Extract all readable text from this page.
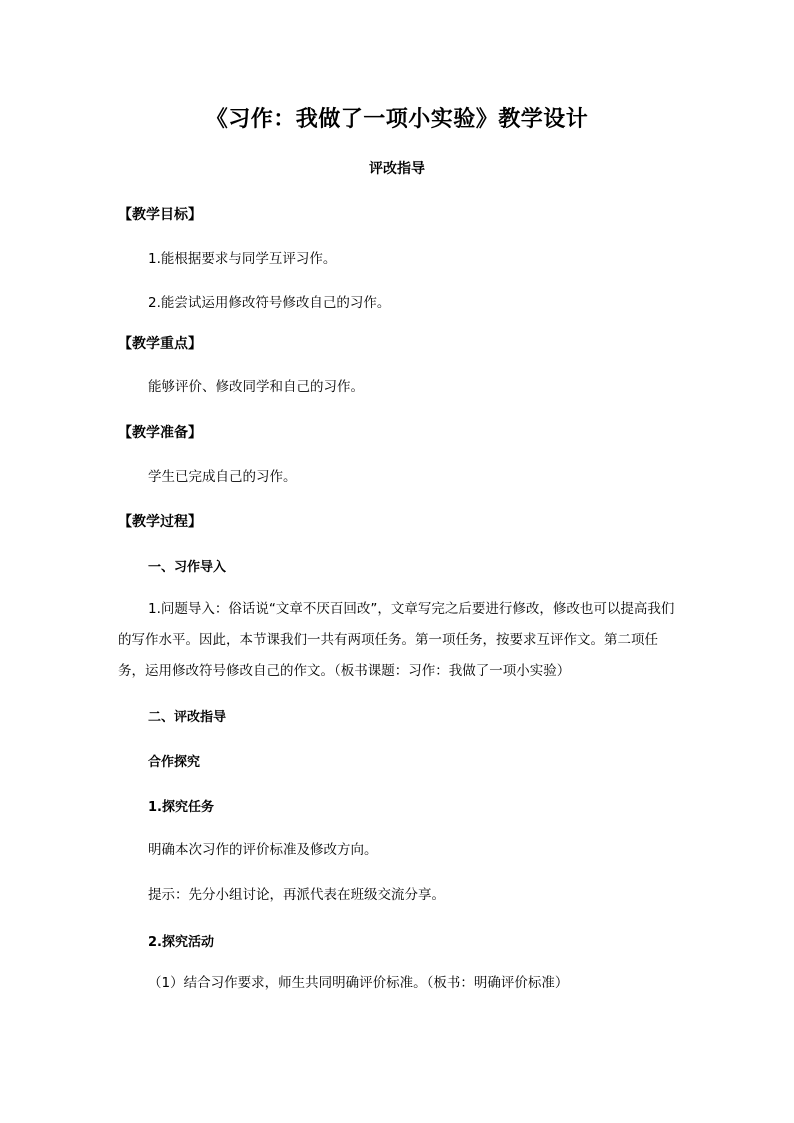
《习作：我做了一项小实验》教学设计
评改指导
【教学目标】
1.能根据要求与同学互评习作。
2.能尝试运用修改符号修改自己的习作。
【教学重点】
能够评价、修改同学和自己的习作。
【教学准备】
学生已完成自己的习作。
【教学过程】
一、习作导入
1.问题导入：俗话说“文章不厌百回改”，文章写完之后要进行修改，修改也可以提高我们的写作水平。因此，本节课我们一共有两项任务。第一项任务，按要求互评作文。第二项任务，运用修改符号修改自己的作文。（板书课题：习作：我做了一项小实验）
二、评改指导
合作探究
1.探究任务
明确本次习作的评价标准及修改方向。
提示：先分小组讨论，再派代表在班级交流分享。
2.探究活动
（1）结合习作要求，师生共同明确评价标准。（板书：明确评价标准）
